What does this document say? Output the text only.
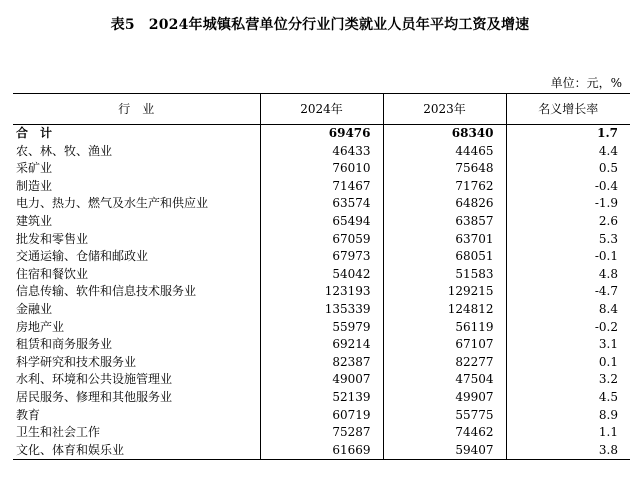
表5 2024年城镇私营单位分行业门类就业人员年平均工资及增速
单位：元，%
行　业	2024年	2023年	名义增长率
合　计	69476	68340	1.7
农、林、牧、渔业	46433	44465	4.4
采矿业	76010	75648	0.5
制造业	71467	71762	-0.4
电力、热力、燃气及水生产和供应业	63574	64826	-1.9
建筑业	65494	63857	2.6
批发和零售业	67059	63701	5.3
交通运输、仓储和邮政业	67973	68051	-0.1
住宿和餐饮业	54042	51583	4.8
信息传输、软件和信息技术服务业	123193	129215	-4.7
金融业	135339	124812	8.4
房地产业	55979	56119	-0.2
租赁和商务服务业	69214	67107	3.1
科学研究和技术服务业	82387	82277	0.1
水利、环境和公共设施管理业	49007	47504	3.2
居民服务、修理和其他服务业	52139	49907	4.5
教育	60719	55775	8.9
卫生和社会工作	75287	74462	1.1
文化、体育和娱乐业	61669	59407	3.8
